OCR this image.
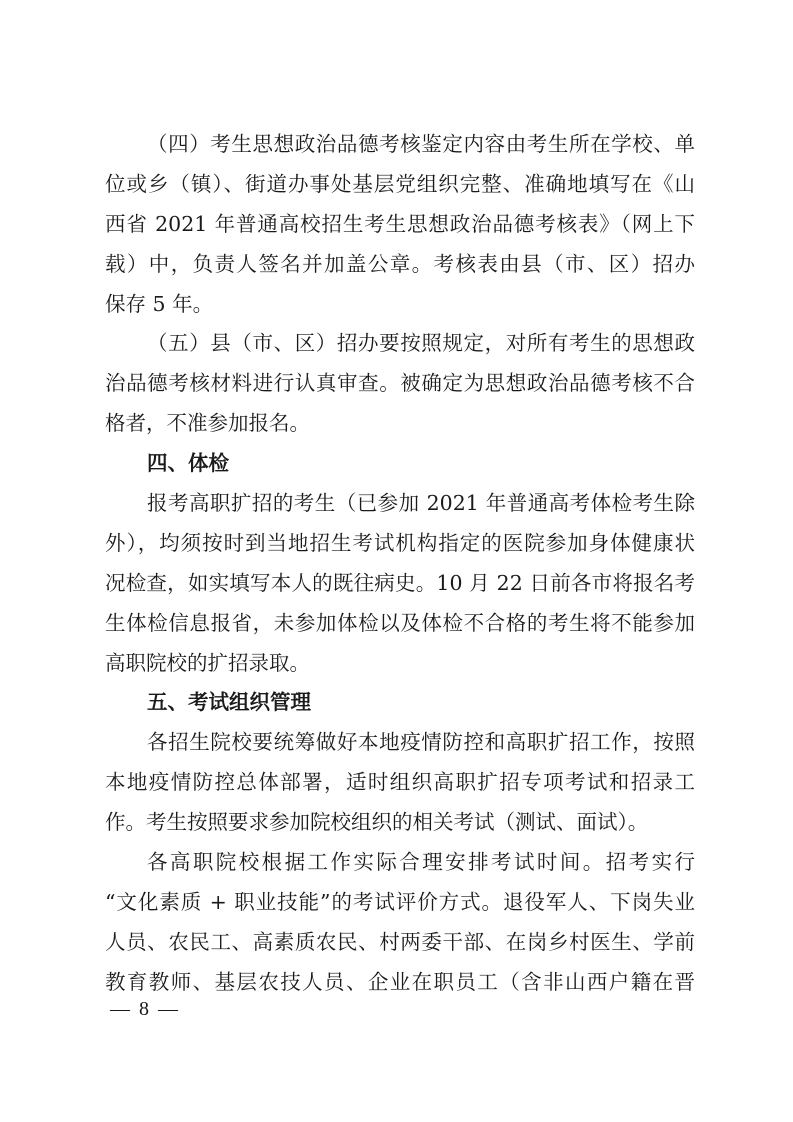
（四）考生思想政治品德考核鉴定内容由考生所在学校、单
位或乡（镇）、街道办事处基层党组织完整、准确地填写在《山
西省 2021 年普通高校招生考生思想政治品德考核表》（网上下
载）中，负责人签名并加盖公章。考核表由县（市、区）招办
保存 5 年。
（五）县（市、区）招办要按照规定，对所有考生的思想政
治品德考核材料进行认真审查。被确定为思想政治品德考核不合
格者，不准参加报名。
四、体检
报考高职扩招的考生（已参加 2021 年普通高考体检考生除
外），均须按时到当地招生考试机构指定的医院参加身体健康状
况检查，如实填写本人的既往病史。10 月 22 日前各市将报名考
生体检信息报省，未参加体检以及体检不合格的考生将不能参加
高职院校的扩招录取。
五、考试组织管理
各招生院校要统筹做好本地疫情防控和高职扩招工作，按照
本地疫情防控总体部署，适时组织高职扩招专项考试和招录工
作。考生按照要求参加院校组织的相关考试（测试、面试）。
各高职院校根据工作实际合理安排考试时间。招考实行
“文化素质 + 职业技能”的考试评价方式。退役军人、下岗失业
人员、农民工、高素质农民、村两委干部、在岗乡村医生、学前
教育教师、基层农技人员、企业在职员工（含非山西户籍在晋
— 8 —
